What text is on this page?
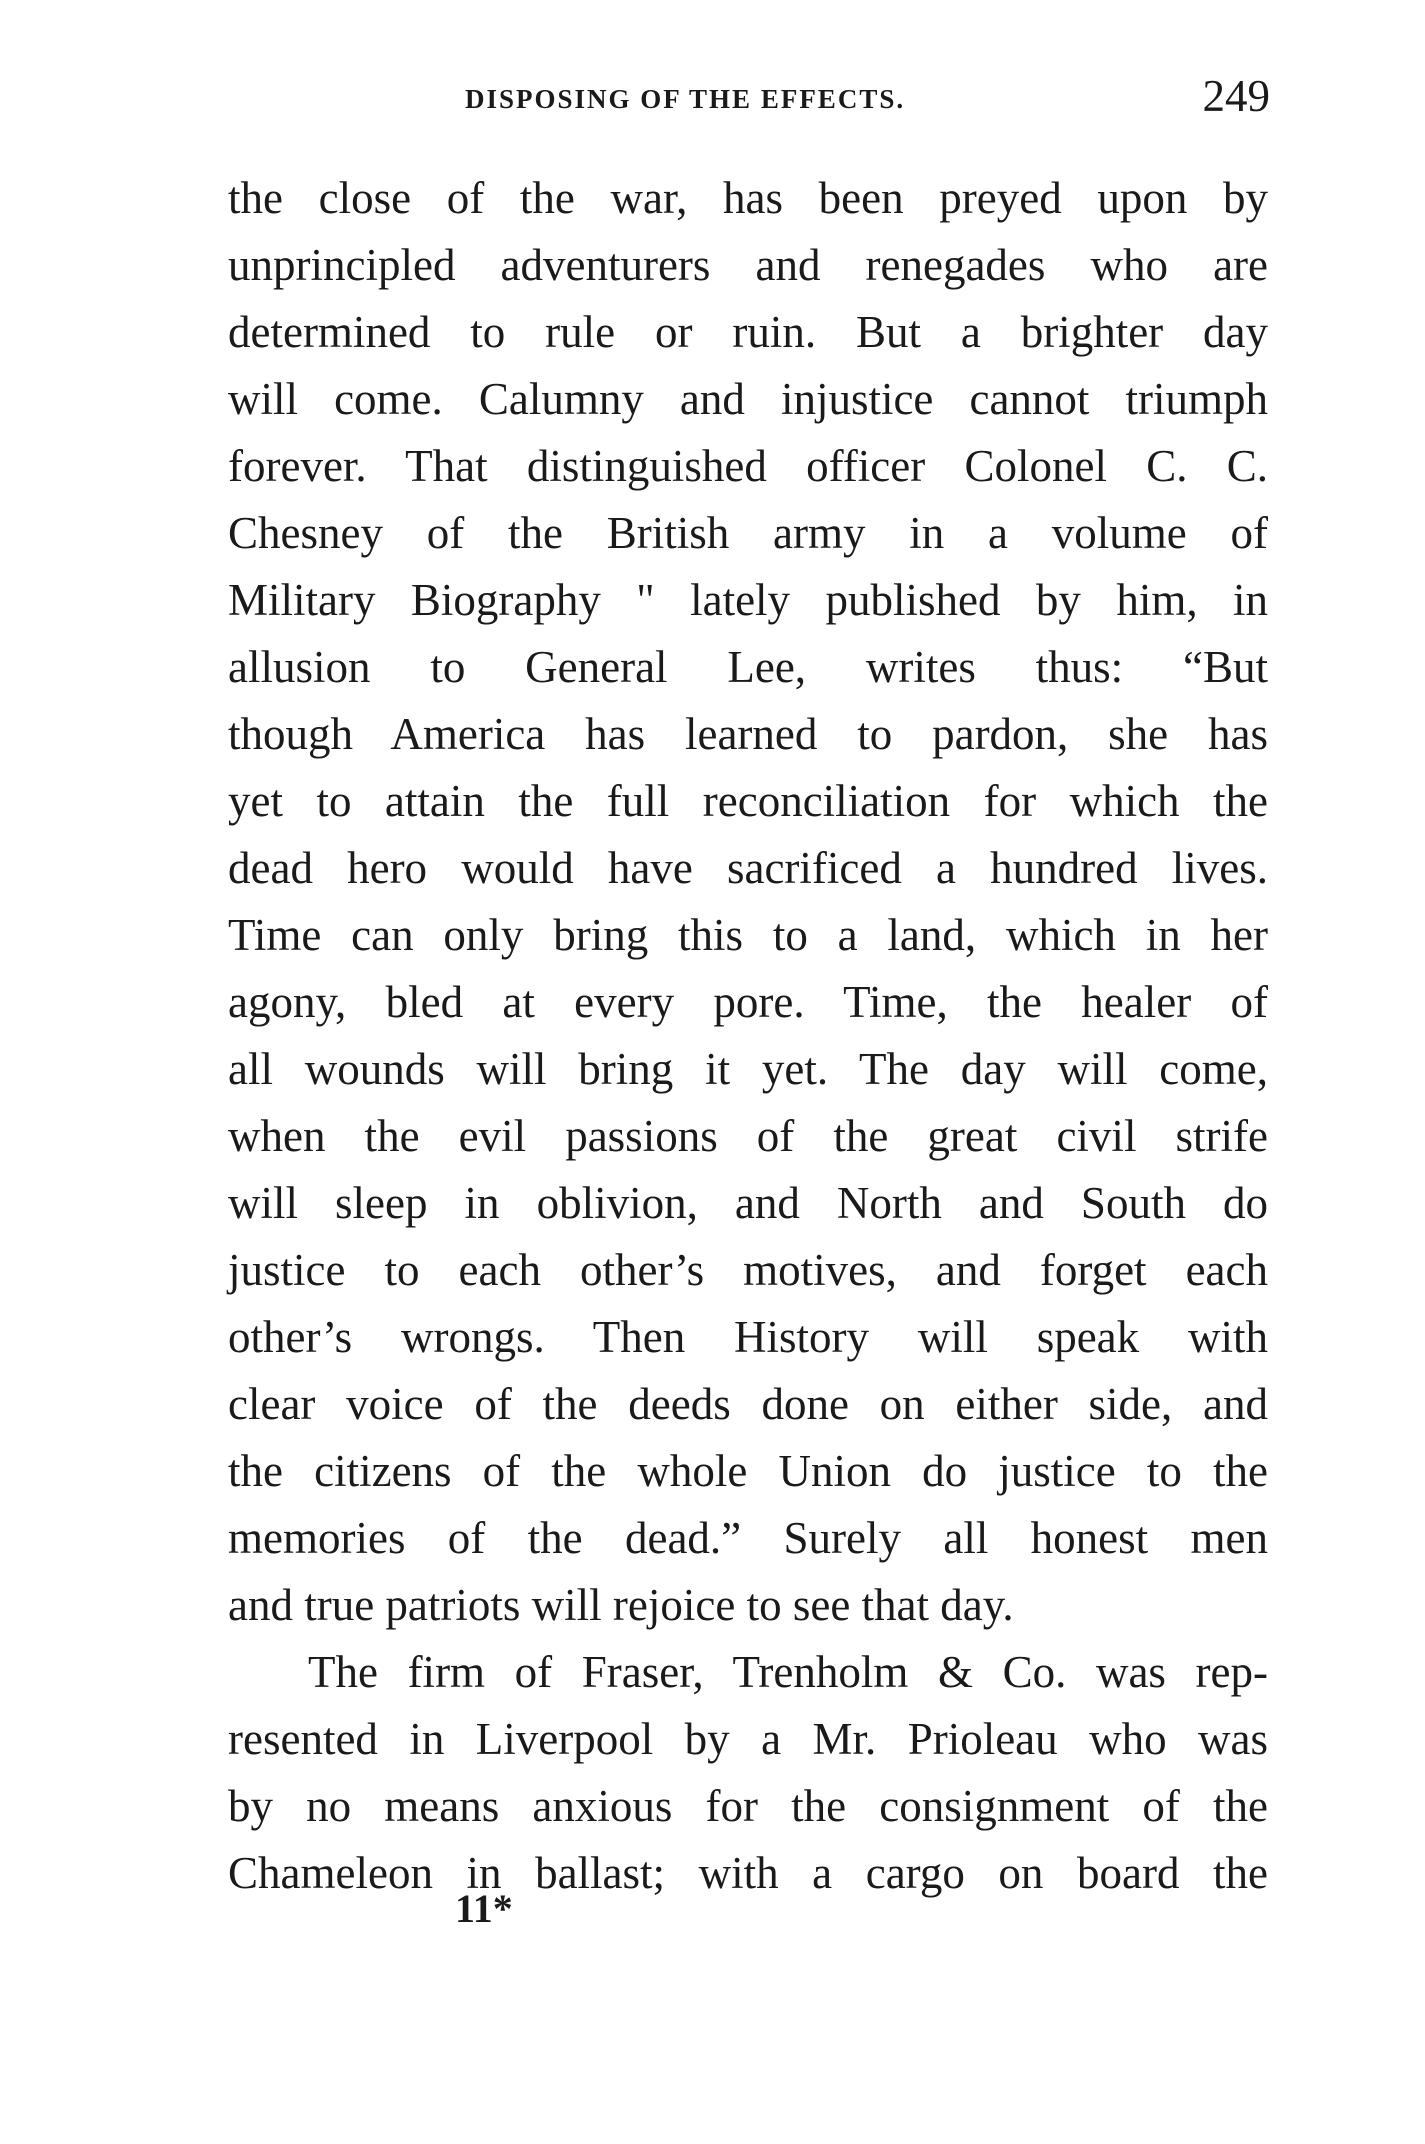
DISPOSING OF THE EFFECTS.	249
the close of the war, has been preyed upon by
unprincipled adventurers and renegades who are
determined to rule or ruin. But a brighter day
will come. Calumny and injustice cannot triumph
forever. That distinguished officer Colonel C. C.
Chesney of the British army in a volume of
Military Biography " lately published by him, in
allusion to General Lee, writes thus: “But
though America has learned to pardon, she has
yet to attain the full reconciliation for which the
dead hero would have sacrificed a hundred lives.
Time can only bring this to a land, which in her
agony, bled at every pore. Time, the healer of
all wounds will bring it yet. The day will come,
when the evil passions of the great civil strife
will sleep in oblivion, and North and South do
justice to each other’s motives, and forget each
other’s wrongs. Then History will speak with
clear voice of the deeds done on either side, and
the citizens of the whole Union do justice to the
memories of the dead.” Surely all honest men
and true patriots will rejoice to see that day.
The firm of Fraser, Trenholm & Co. was rep-
resented in Liverpool by a Mr. Prioleau who was
by no means anxious for the consignment of the
Chameleon in ballast; with a cargo on board the
11*
